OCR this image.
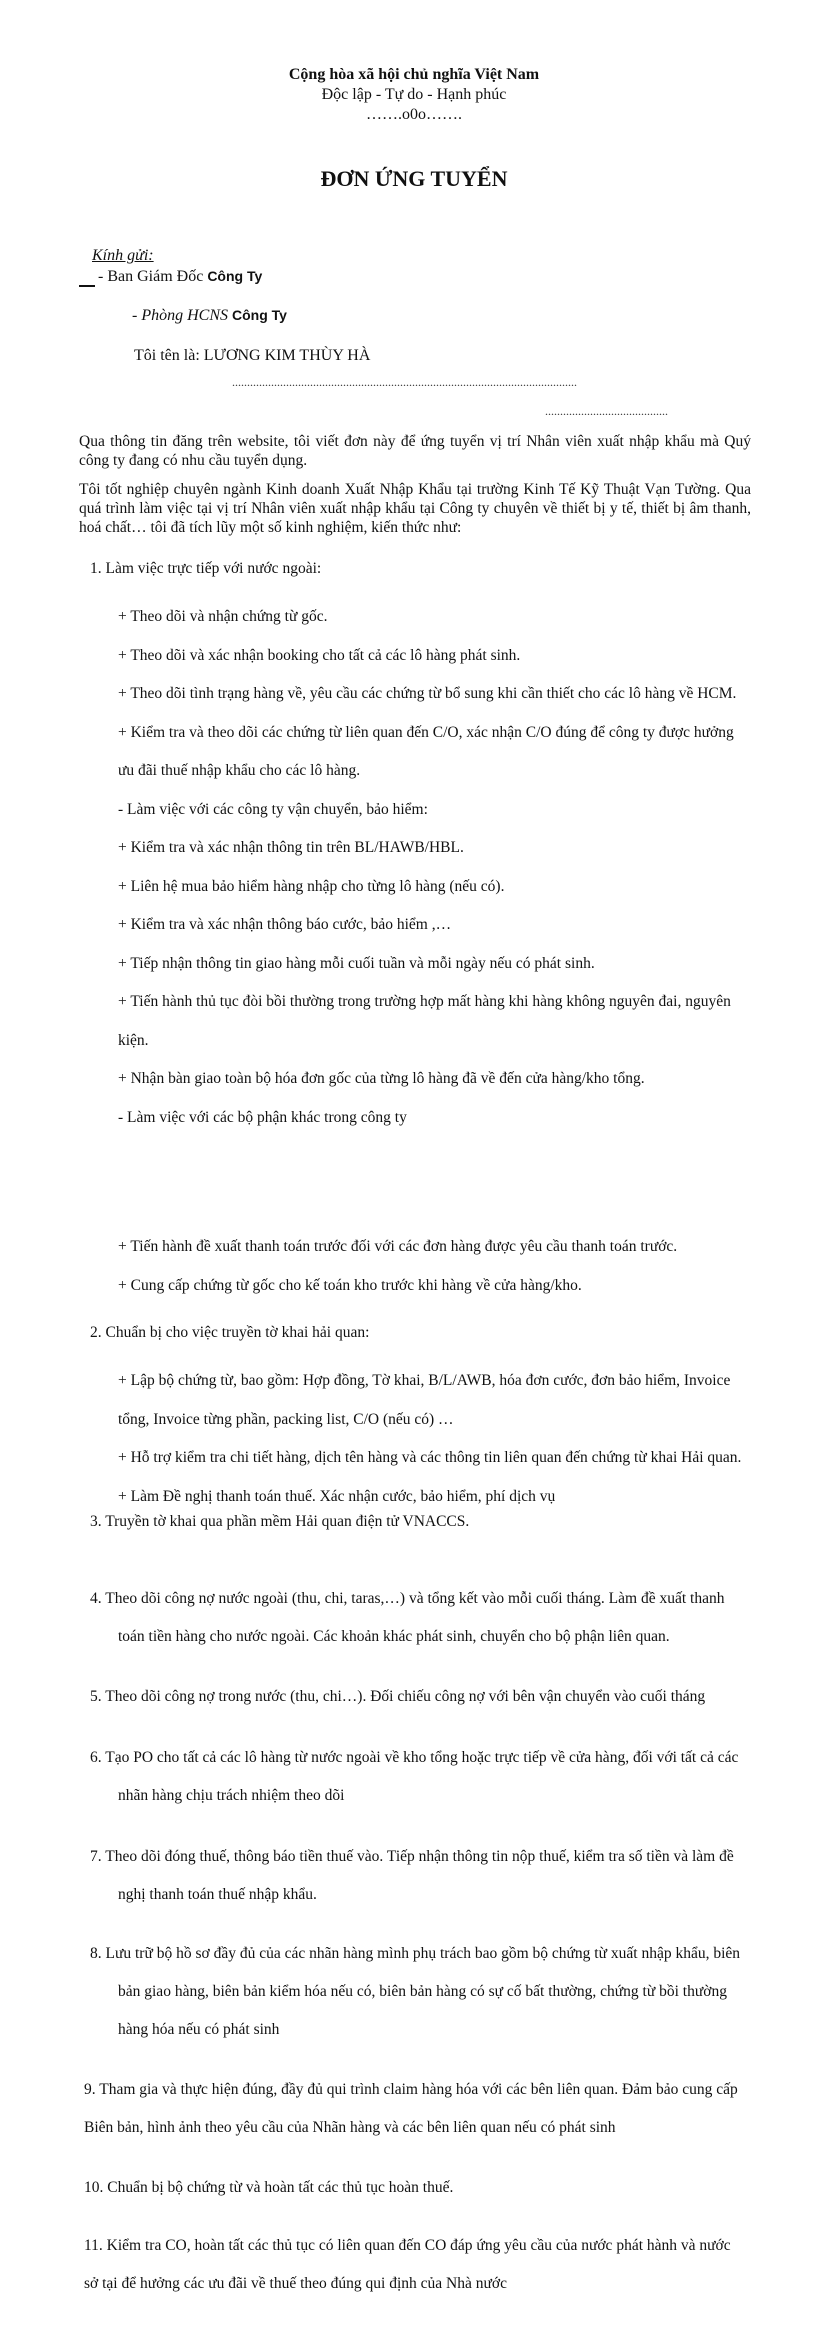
Cộng hòa xã hội chủ nghĩa Việt Nam
Độc lập - Tự do - Hạnh phúc
…….o0o…….
ĐƠN ỨNG TUYỂN
Kính gửi:
- Ban Giám Đốc Công Ty
- Phòng HCNS Công Ty
Tôi tên là: LƯƠNG KIM THÙY HÀ
...................................................................................................................
.........................................
Qua thông tin đăng trên website, tôi viết đơn này để ứng tuyển vị trí Nhân viên xuất nhập khẩu mà Quý công ty đang có nhu cầu tuyển dụng.
Tôi tốt nghiệp chuyên ngành Kinh doanh Xuất Nhập Khẩu tại trường Kinh Tế Kỹ Thuật Vạn Tường. Qua quá trình làm việc tại vị trí Nhân viên xuất nhập khẩu tại Công ty chuyên về thiết bị y tế, thiết bị âm thanh, hoá chất… tôi đã tích lũy một số kinh nghiệm, kiến thức như:
1. Làm việc trực tiếp với nước ngoài:
+ Theo dõi và nhận chứng từ gốc.
+ Theo dõi và xác nhận booking cho tất cả các lô hàng phát sinh.
+ Theo dõi tình trạng hàng về, yêu cầu các chứng từ bổ sung khi cần thiết cho các lô hàng về HCM.
+ Kiểm tra và theo dõi các chứng từ liên quan đến C/O, xác nhận C/O đúng để công ty được hưởng
ưu đãi thuế nhập khẩu cho các lô hàng.
- Làm việc với các công ty vận chuyển, bảo hiểm:
+ Kiểm tra và xác nhận thông tin trên BL/HAWB/HBL.
+ Liên hệ mua bảo hiểm hàng nhập cho từng lô hàng (nếu có).
+ Kiểm tra và xác nhận thông báo cước, bảo hiểm ,…
+ Tiếp nhận thông tin giao hàng mỗi cuối tuần và mỗi ngày nếu có phát sinh.
+ Tiến hành thủ tục đòi bồi thường trong trường hợp mất hàng khi hàng không nguyên đai, nguyên
kiện.
+ Nhận bàn giao toàn bộ hóa đơn gốc của từng lô hàng đã về đến cửa hàng/kho tổng.
- Làm việc với các bộ phận khác trong công ty
+ Tiến hành đề xuất thanh toán trước đối với các đơn hàng được yêu cầu thanh toán trước.
+ Cung cấp chứng từ gốc cho kế toán kho trước khi hàng về cửa hàng/kho.
2. Chuẩn bị cho việc truyền tờ khai hải quan:
+ Lập bộ chứng từ, bao gồm: Hợp đồng, Tờ khai, B/L/AWB, hóa đơn cước, đơn bảo hiểm, Invoice
tổng, Invoice từng phần, packing list, C/O (nếu có) …
+ Hỗ trợ kiểm tra chi tiết hàng, dịch tên hàng và các thông tin liên quan đến chứng từ khai Hải quan.
+ Làm Đề nghị thanh toán thuế. Xác nhận cước, bảo hiểm, phí dịch vụ
3. Truyền tờ khai qua phần mềm Hải quan điện tử VNACCS.
4. Theo dõi công nợ nước ngoài (thu, chi, taras,…) và tổng kết vào mỗi cuối tháng. Làm đề xuất thanh
toán tiền hàng cho nước ngoài. Các khoản khác phát sinh, chuyển cho bộ phận liên quan.
5. Theo dõi công nợ trong nước (thu, chi…). Đối chiếu công nợ với bên vận chuyển vào cuối tháng
6. Tạo PO cho tất cả các lô hàng từ nước ngoài về kho tổng hoặc trực tiếp về cửa hàng, đối với tất cả các
nhãn hàng chịu trách nhiệm theo dõi
7. Theo dõi đóng thuế, thông báo tiền thuế vào. Tiếp nhận thông tin nộp thuế, kiểm tra số tiền và làm đề
nghị thanh toán thuế nhập khẩu.
8. Lưu trữ bộ hồ sơ đầy đủ của các nhãn hàng mình phụ trách bao gồm bộ chứng từ xuất nhập khẩu, biên
bản giao hàng, biên bản kiểm hóa nếu có, biên bản hàng có sự cố bất thường, chứng từ bồi thường
hàng hóa nếu có phát sinh
9. Tham gia và thực hiện đúng, đầy đủ qui trình claim hàng hóa với các bên liên quan. Đảm bảo cung cấp
Biên bản, hình ảnh theo yêu cầu của Nhãn hàng và các bên liên quan nếu có phát sinh
10. Chuẩn bị bộ chứng từ và hoàn tất các thủ tục hoàn thuế.
11. Kiểm tra CO, hoàn tất các thủ tục có liên quan đến CO đáp ứng yêu cầu của nước phát hành và nước
sở tại để hưởng các ưu đãi về thuế theo đúng qui định của Nhà nước
